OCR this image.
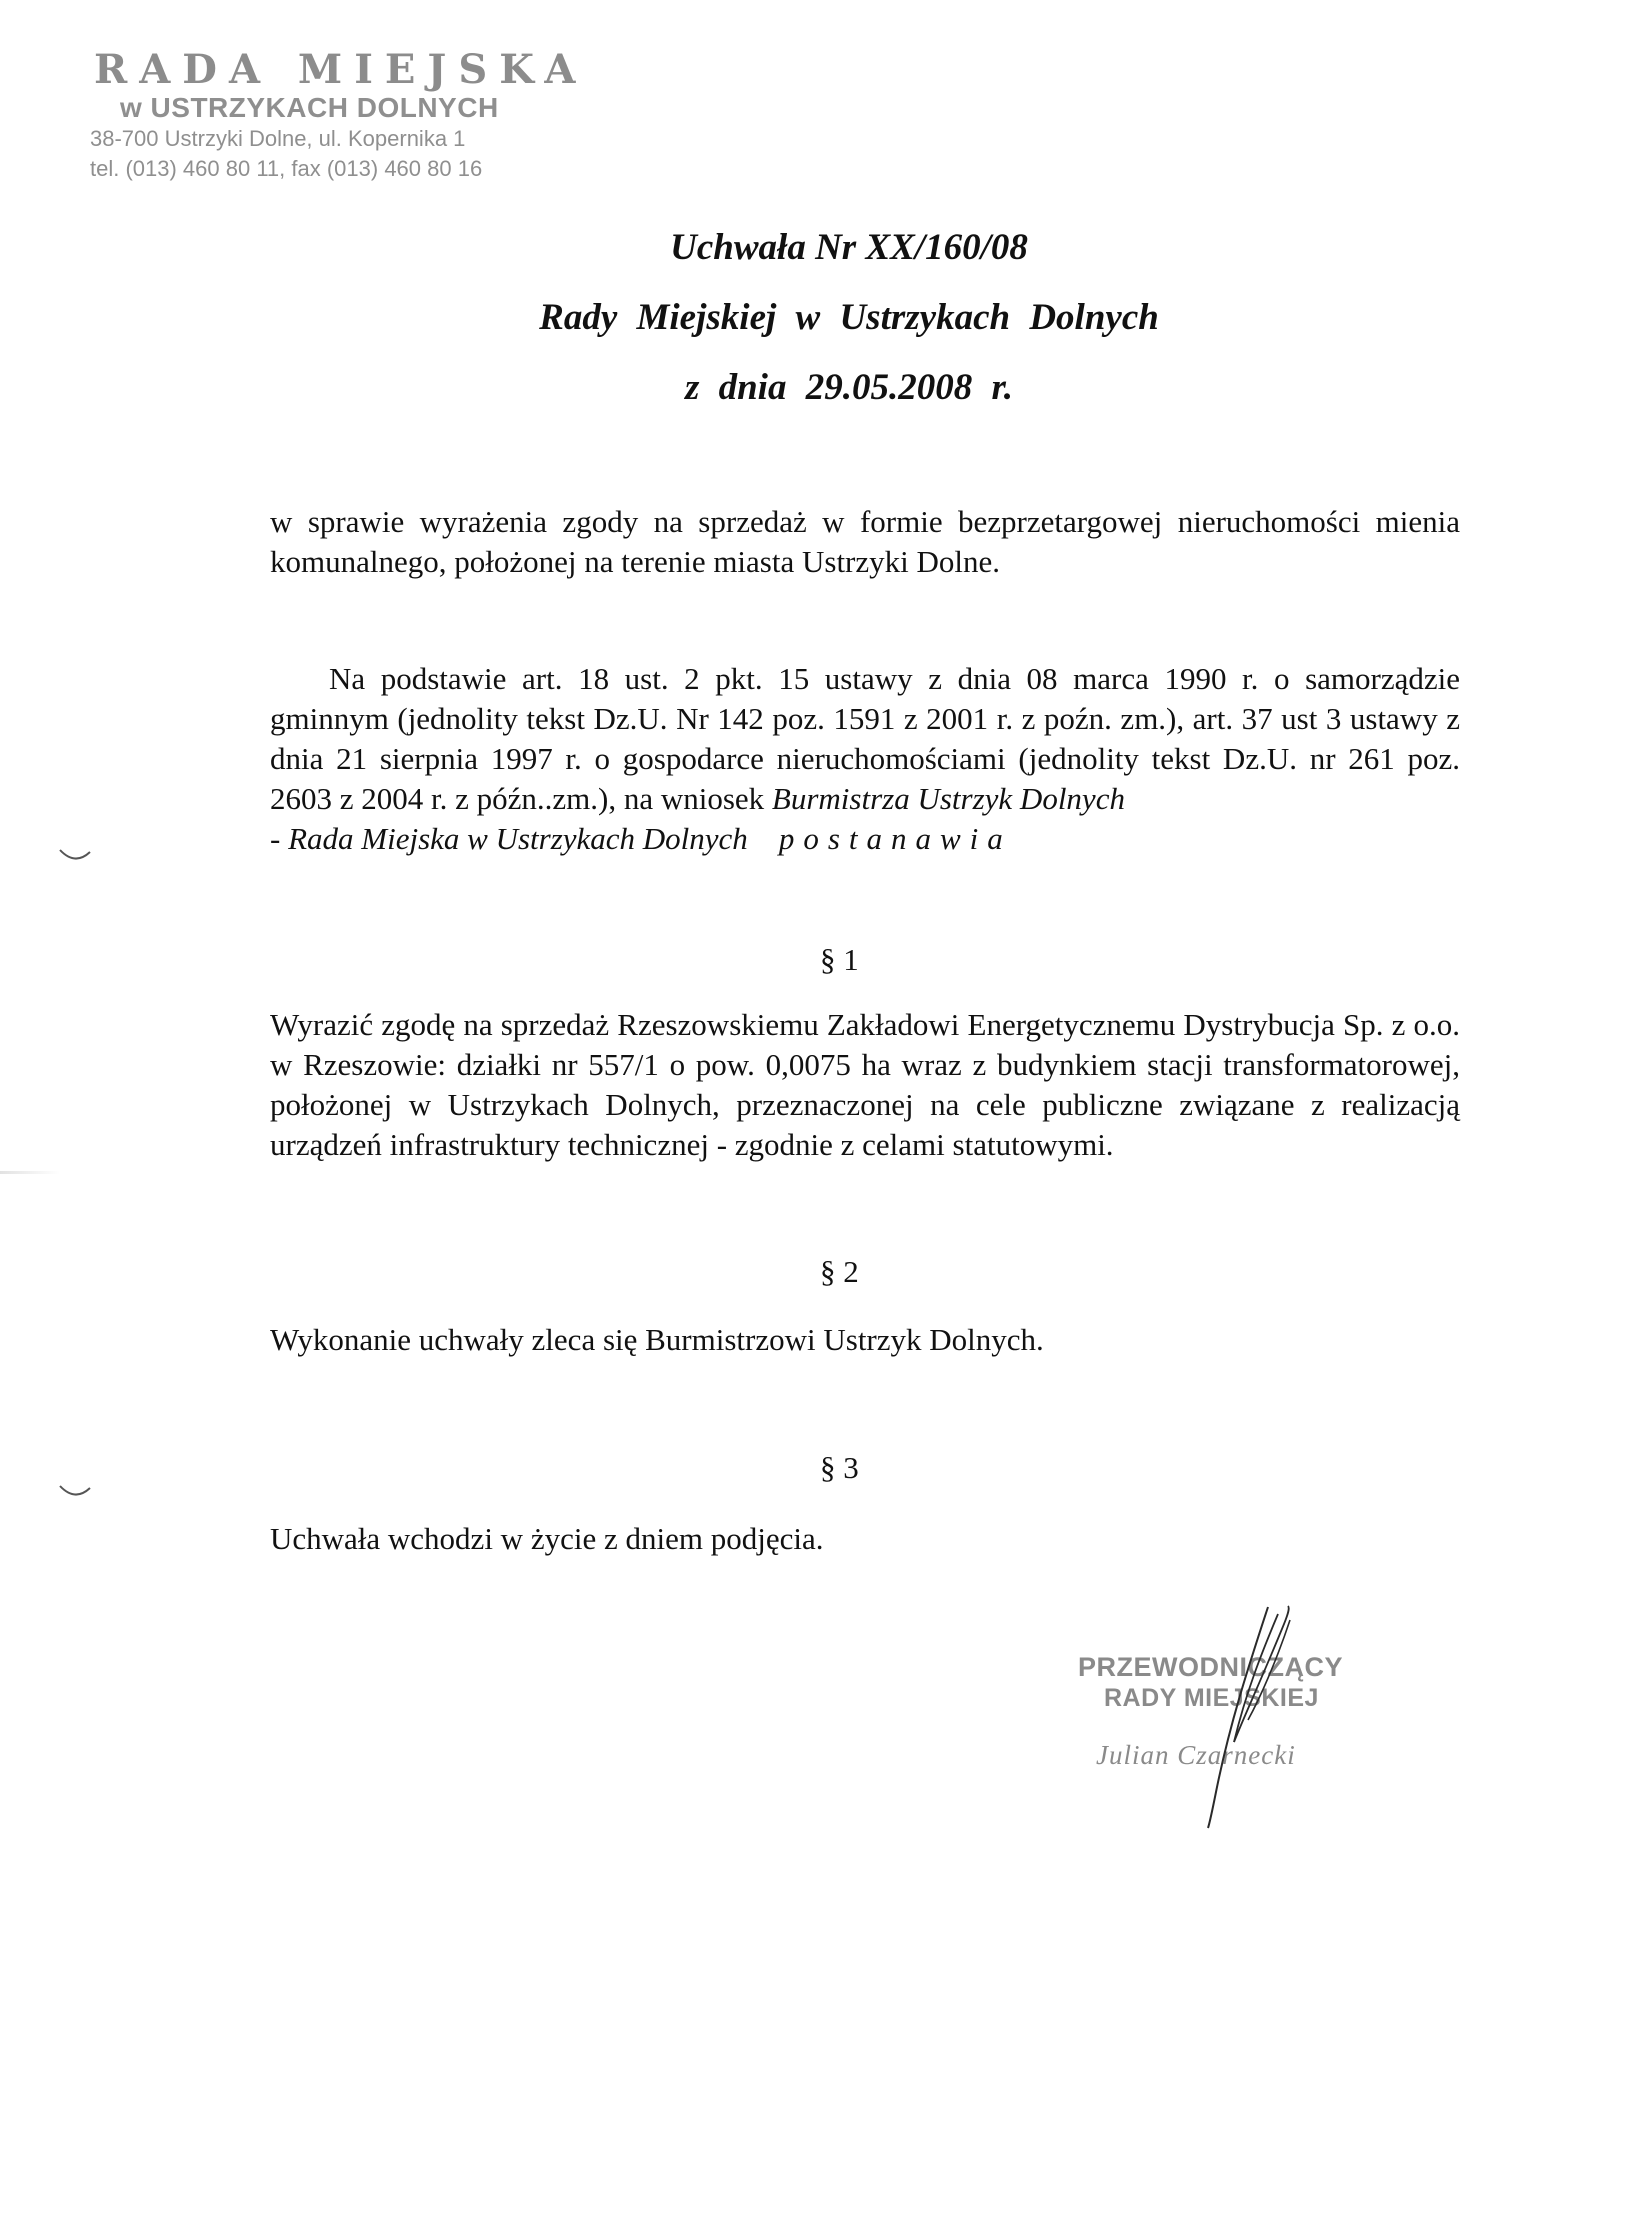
RADA MIEJSKA
w USTRZYKACH DOLNYCH
38-700 Ustrzyki Dolne, ul. Kopernika 1
tel. (013) 460 80 11, fax (013) 460 80 16
Uchwała Nr XX/160/08
Rady Miejskiej w Ustrzykach Dolnych
z dnia 29.05.2008 r.
w sprawie wyrażenia zgody na sprzedaż w formie bezprzetargowej nieruchomości mienia komunalnego, położonej na terenie miasta Ustrzyki Dolne.
Na podstawie art. 18 ust. 2 pkt. 15 ustawy z dnia 08 marca 1990 r. o samorządzie gminnym (jednolity tekst Dz.U. Nr 142 poz. 1591 z 2001 r. z poźn. zm.), art. 37 ust 3 ustawy z dnia 21 sierpnia 1997 r. o gospodarce nieruchomościami (jednolity tekst Dz.U. nr 261 poz. 2603 z 2004 r. z późn..zm.), na wniosek Burmistrza Ustrzyk Dolnych
- Rada Miejska w Ustrzykach Dolnych postanawia
§ 1
Wyrazić zgodę na sprzedaż Rzeszowskiemu Zakładowi Energetycznemu Dystrybucja Sp. z o.o. w Rzeszowie: działki nr 557/1 o pow. 0,0075 ha wraz z budynkiem stacji transformatorowej, położonej w Ustrzykach Dolnych, przeznaczonej na cele publiczne związane z realizacją urządzeń infrastruktury technicznej - zgodnie z celami statutowymi.
§ 2
Wykonanie uchwały zleca się Burmistrzowi Ustrzyk Dolnych.
§ 3
Uchwała wchodzi w życie z dniem podjęcia.
PRZEWODNICZĄCY
RADY MIEJSKIEJ
Julian Czarnecki
